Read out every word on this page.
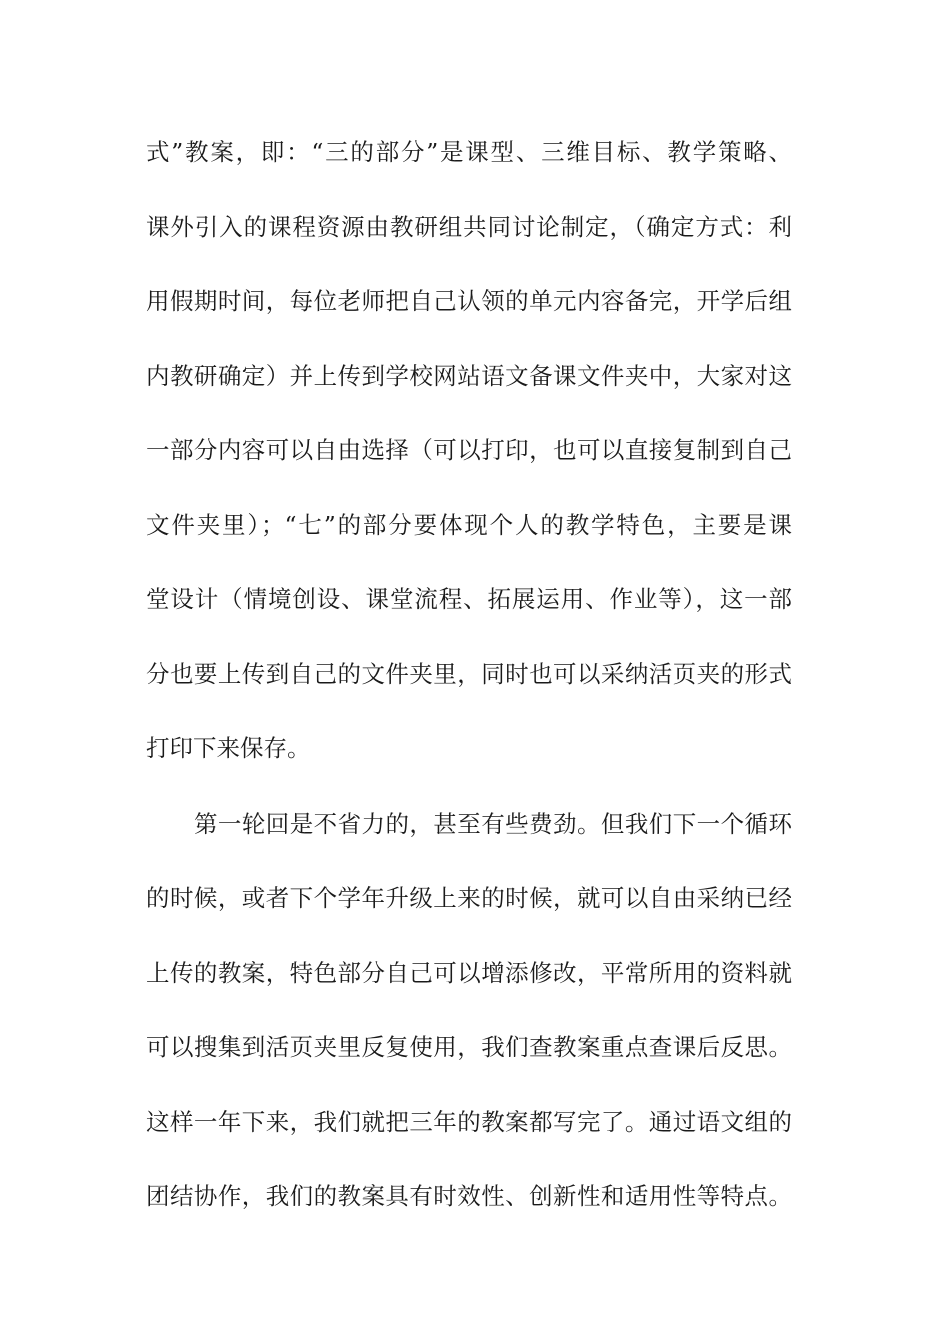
式”教案，即：“三的部分”是课型、三维目标、教学策略、
课外引入的课程资源由教研组共同讨论制定，（确定方式：利
用假期时间，每位老师把自己认领的单元内容备完，开学后组
内教研确定）并上传到学校网站语文备课文件夹中，大家对这
一部分内容可以自由选择（可以打印，也可以直接复制到自己
文件夹里）；“七”的部分要体现个人的教学特色，主要是课
堂设计（情境创设、课堂流程、拓展运用、作业等），这一部
分也要上传到自己的文件夹里，同时也可以采纳活页夹的形式
打印下来保存。
第一轮回是不省力的，甚至有些费劲。但我们下一个循环
的时候，或者下个学年升级上来的时候，就可以自由采纳已经
上传的教案，特色部分自己可以增添修改，平常所用的资料就
可以搜集到活页夹里反复使用，我们查教案重点查课后反思。
这样一年下来，我们就把三年的教案都写完了。通过语文组的
团结协作，我们的教案具有时效性、创新性和适用性等特点。
